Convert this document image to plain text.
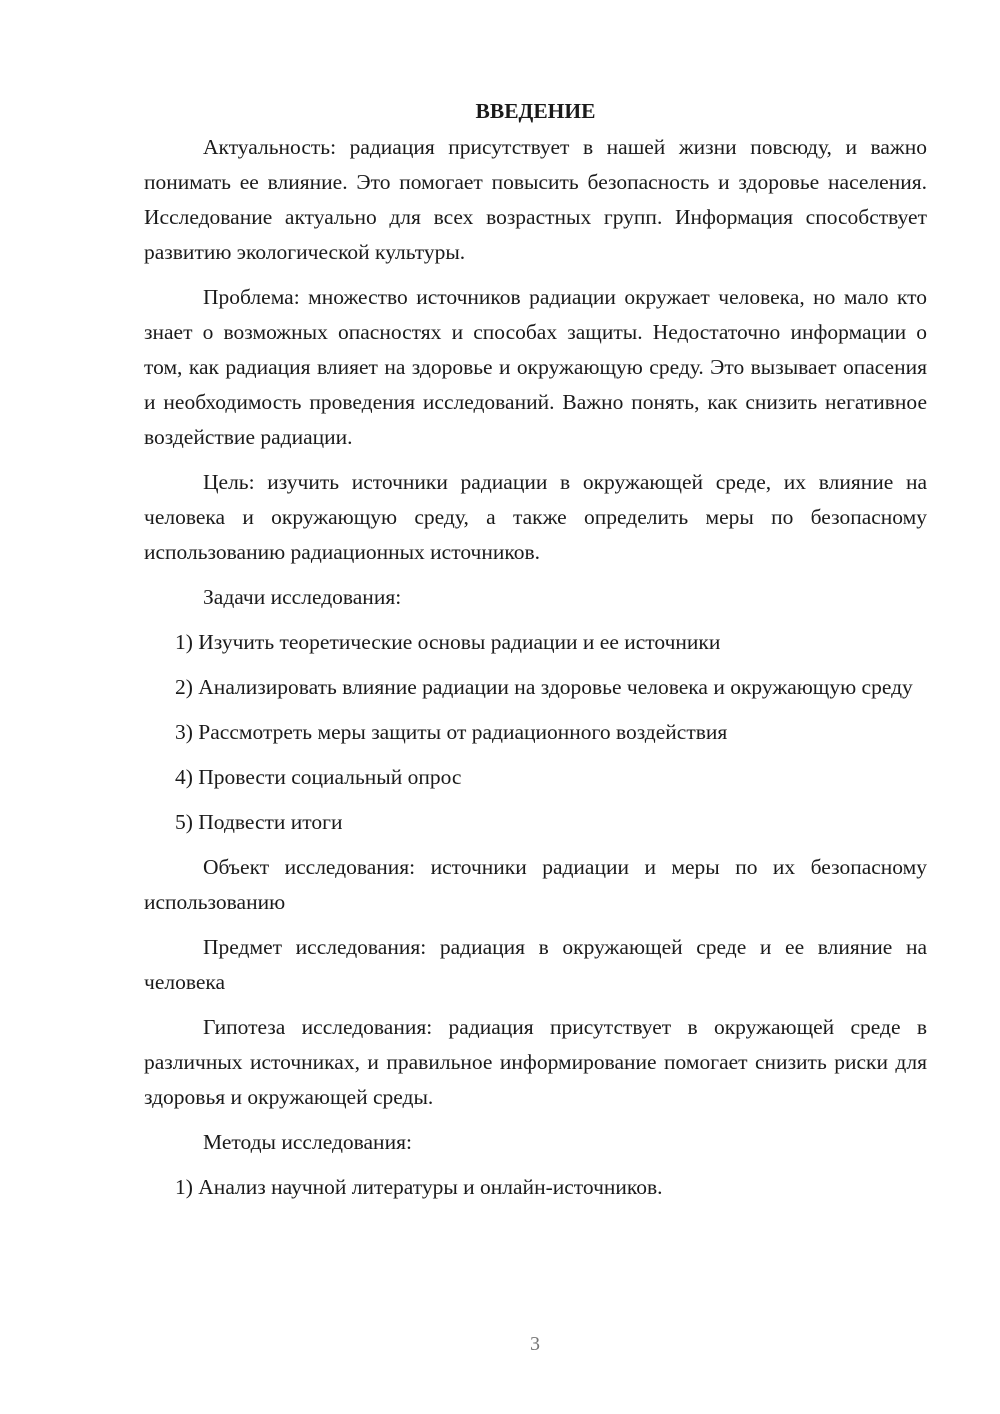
ВВЕДЕНИЕ

Актуальность: радиация присутствует в нашей жизни повсюду, и важно понимать ее влияние. Это помогает повысить безопасность и здоровье населения. Исследование актуально для всех возрастных групп. Информация способствует развитию экологической культуры.

Проблема: множество источников радиации окружает человека, но мало кто знает о возможных опасностях и способах защиты. Недостаточно информации о том, как радиация влияет на здоровье и окружающую среду. Это вызывает опасения и необходимость проведения исследований. Важно понять, как снизить негативное воздействие радиации.

Цель: изучить источники радиации в окружающей среде, их влияние на человека и окружающую среду, а также определить меры по безопасному использованию радиационных источников.

Задачи исследования:

1) Изучить теоретические основы радиации и ее источники

2) Анализировать влияние радиации на здоровье человека и окружающую среду

3) Рассмотреть меры защиты от радиационного воздействия

4) Провести социальный опрос

5) Подвести итоги

Объект исследования: источники радиации и меры по их безопасному использованию

Предмет исследования: радиация в окружающей среде и ее влияние на человека

Гипотеза исследования: радиация присутствует в окружающей среде в различных источниках, и правильное информирование помогает снизить риски для здоровья и окружающей среды.

Методы исследования:

1) Анализ научной литературы и онлайн-источников.

3
